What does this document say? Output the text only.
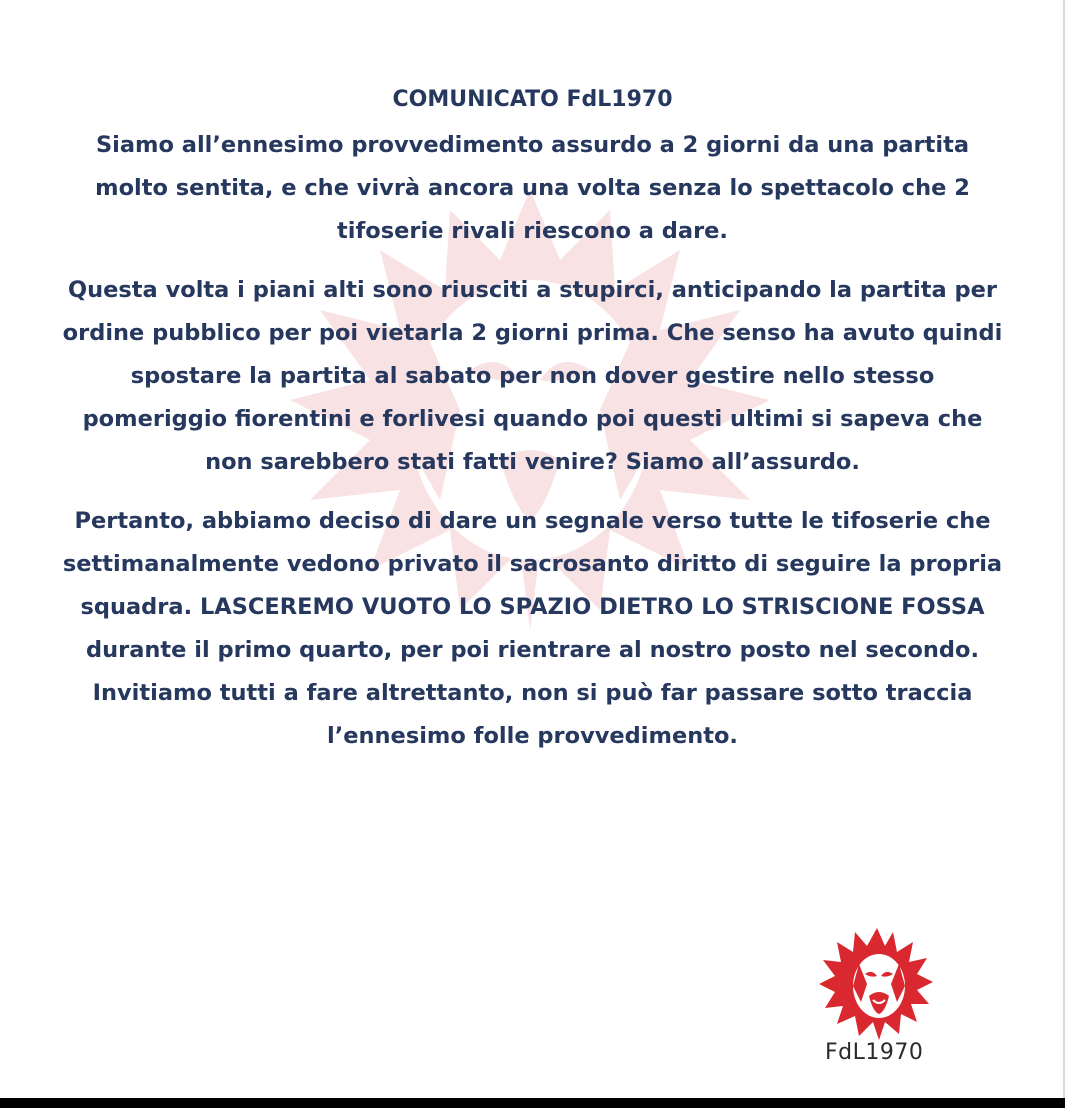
COMUNICATO FdL1970

Siamo all’ennesimo provvedimento assurdo a 2 giorni da una partita molto sentita, e che vivrà ancora una volta senza lo spettacolo che 2 tifoserie rivali riescono a dare.

Questa volta i piani alti sono riusciti a stupirci, anticipando la partita per ordine pubblico per poi vietarla 2 giorni prima. Che senso ha avuto quindi spostare la partita al sabato per non dover gestire nello stesso pomeriggio fiorentini e forlivesi quando poi questi ultimi si sapeva che non sarebbero stati fatti venire? Siamo all’assurdo.

Pertanto, abbiamo deciso di dare un segnale verso tutte le tifoserie che settimanalmente vedono privato il sacrosanto diritto di seguire la propria squadra. LASCEREMO VUOTO LO SPAZIO DIETRO LO STRISCIONE FOSSA durante il primo quarto, per poi rientrare al nostro posto nel secondo. Invitiamo tutti a fare altrettanto, non si può far passare sotto traccia l’ennesimo folle provvedimento.

FdL1970
